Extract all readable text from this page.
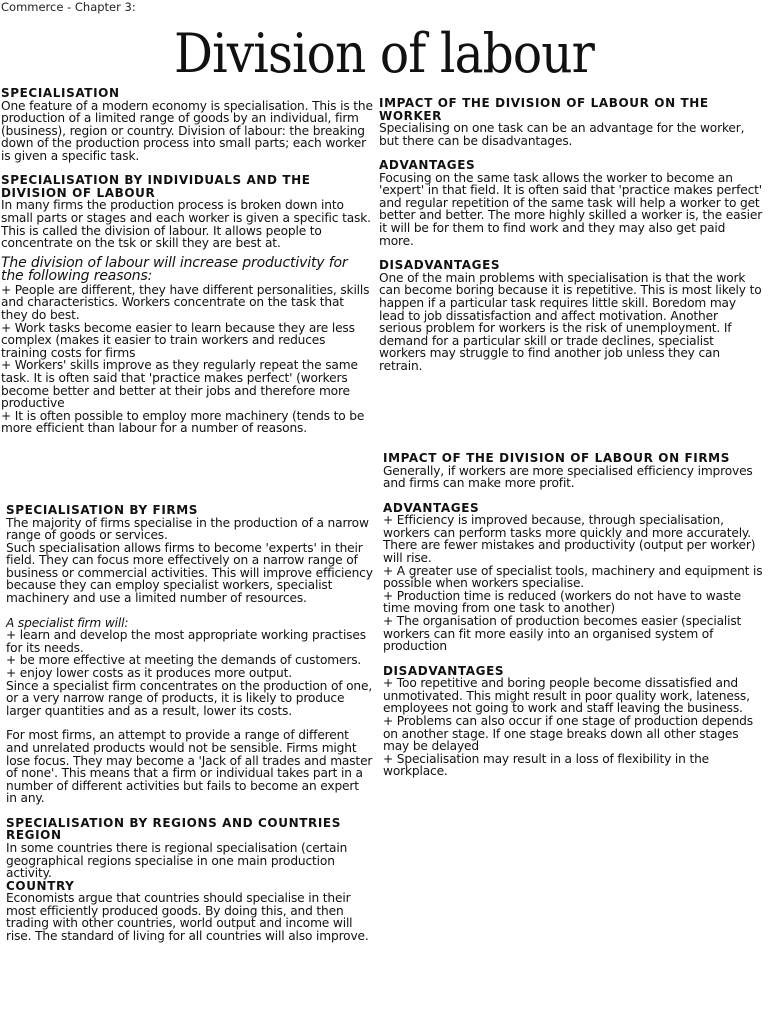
Commerce - Chapter 3:
Division of labour

SPECIALISATION

One feature of a modern economy is specialisation. This is the production of a limited range of goods by an individual, firm (business), region or country. Division of labour: the breaking down of the production process into small parts; each worker is given a specific task.

SPECIALISATION BY INDIVIDUALS AND THE DIVISION OF LABOUR

In many firms the production process is broken down into small parts or stages and each worker is given a specific task. This is called the division of labour. It allows people to concentrate on the tsk or skill they are best at.

The division of labour will increase productivity for the following reasons:

+ People are different, they have different personalities, skills and characteristics. Workers concentrate on the task that they do best.

+ Work tasks become easier to learn because they are less complex (makes it easier to train workers and reduces training costs for firms

+ Workers' skills improve as they regularly repeat the same task. It is often said that 'practice makes perfect' (workers become better and better at their jobs and therefore more productive

+ It is often possible to employ more machinery (tends to be more efficient than labour for a number of reasons.

SPECIALISATION BY FIRMS

The majority of firms specialise in the production of a narrow range of goods or services.

Such specialisation allows firms to become 'experts' in their field. They can focus more effectively on a narrow range of business or commercial activities. This will improve efficiency because they can employ specialist workers, specialist machinery and use a limited number of resources.

A specialist firm will:

+ learn and develop the most appropriate working practises for its needs.

+ be more effective at meeting the demands of customers.

+ enjoy lower costs as it produces more output.

Since a specialist firm concentrates on the production of one, or a very narrow range of products, it is likely to produce larger quantities and as a result, lower its costs.

For most firms, an attempt to provide a range of different and unrelated products would not be sensible. Firms might lose focus. They may become a 'Jack of all trades and master of none'. This means that a firm or individual takes part in a number of different activities but fails to become an expert in any.

SPECIALISATION BY REGIONS AND COUNTRIES

REGION

In some countries there is regional specialisation (certain geographical regions specialise in one main production activity.

COUNTRY

Economists argue that countries should specialise in their most efficiently produced goods. By doing this, and then trading with other countries, world output and income will rise. The standard of living for all countries will also improve.

IMPACT OF THE DIVISION OF LABOUR ON THE WORKER

Specialising on one task can be an advantage for the worker, but there can be disadvantages.

ADVANTAGES

Focusing on the same task allows the worker to become an 'expert' in that field. It is often said that 'practice makes perfect' and regular repetition of the same task will help a worker to get better and better. The more highly skilled a worker is, the easier it will be for them to find work and they may also get paid more.

DISADVANTAGES

One of the main problems with specialisation is that the work can become boring because it is repetitive. This is most likely to happen if a particular task requires little skill. Boredom may lead to job dissatisfaction and affect motivation. Another serious problem for workers is the risk of unemployment. If demand for a particular skill or trade declines, specialist workers may struggle to find another job unless they can retrain.

IMPACT OF THE DIVISION OF LABOUR ON FIRMS

Generally, if workers are more specialised efficiency improves and firms can make more profit.

ADVANTAGES

+ Efficiency is improved because, through specialisation, workers can perform tasks more quickly and more accurately. There are fewer mistakes and productivity (output per worker) will rise.

+ A greater use of specialist tools, machinery and equipment is possible when workers specialise.

+ Production time is reduced (workers do not have to waste time moving from one task to another)

+ The organisation of production becomes easier (specialist workers can fit more easily into an organised system of production

DISADVANTAGES

+ Too repetitive and boring people become dissatisfied and unmotivated. This might result in poor quality work, lateness, employees not going to work and staff leaving the business.

+ Problems can also occur if one stage of production depends on another stage. If one stage breaks down all other stages may be delayed

+ Specialisation may result in a loss of flexibility in the workplace.
